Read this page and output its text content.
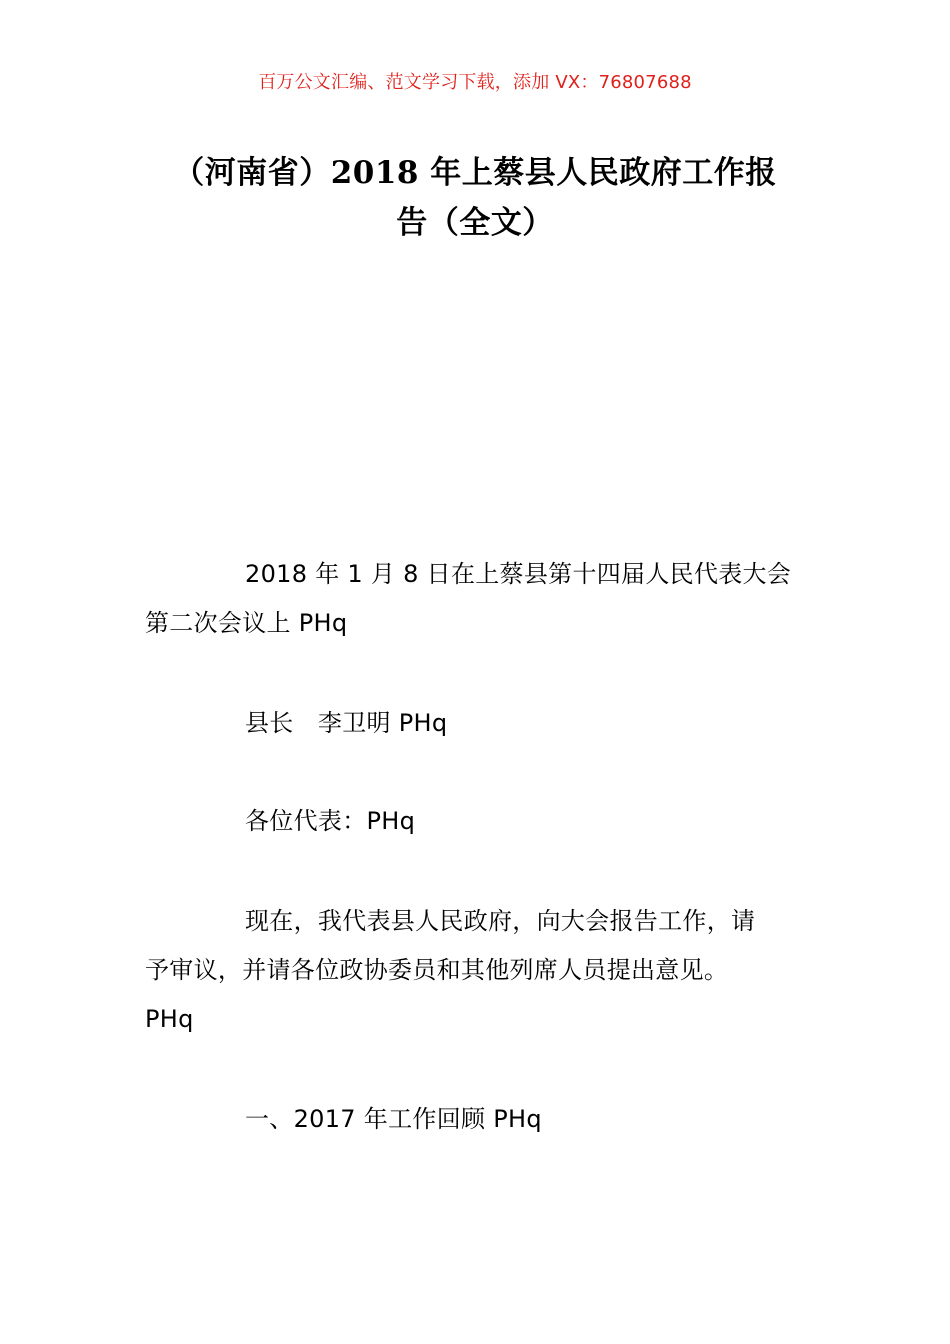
百万公文汇编、范文学习下载，添加 VX：76807688
（河南省）2018 年上蔡县人民政府工作报
告（全文）
2018 年 1 月 8 日在上蔡县第十四届人民代表大会
第二次会议上 PHq
县长　李卫明 PHq
各位代表：PHq
现在，我代表县人民政府，向大会报告工作，请
予审议，并请各位政协委员和其他列席人员提出意见。
PHq
一、2017 年工作回顾 PHq
